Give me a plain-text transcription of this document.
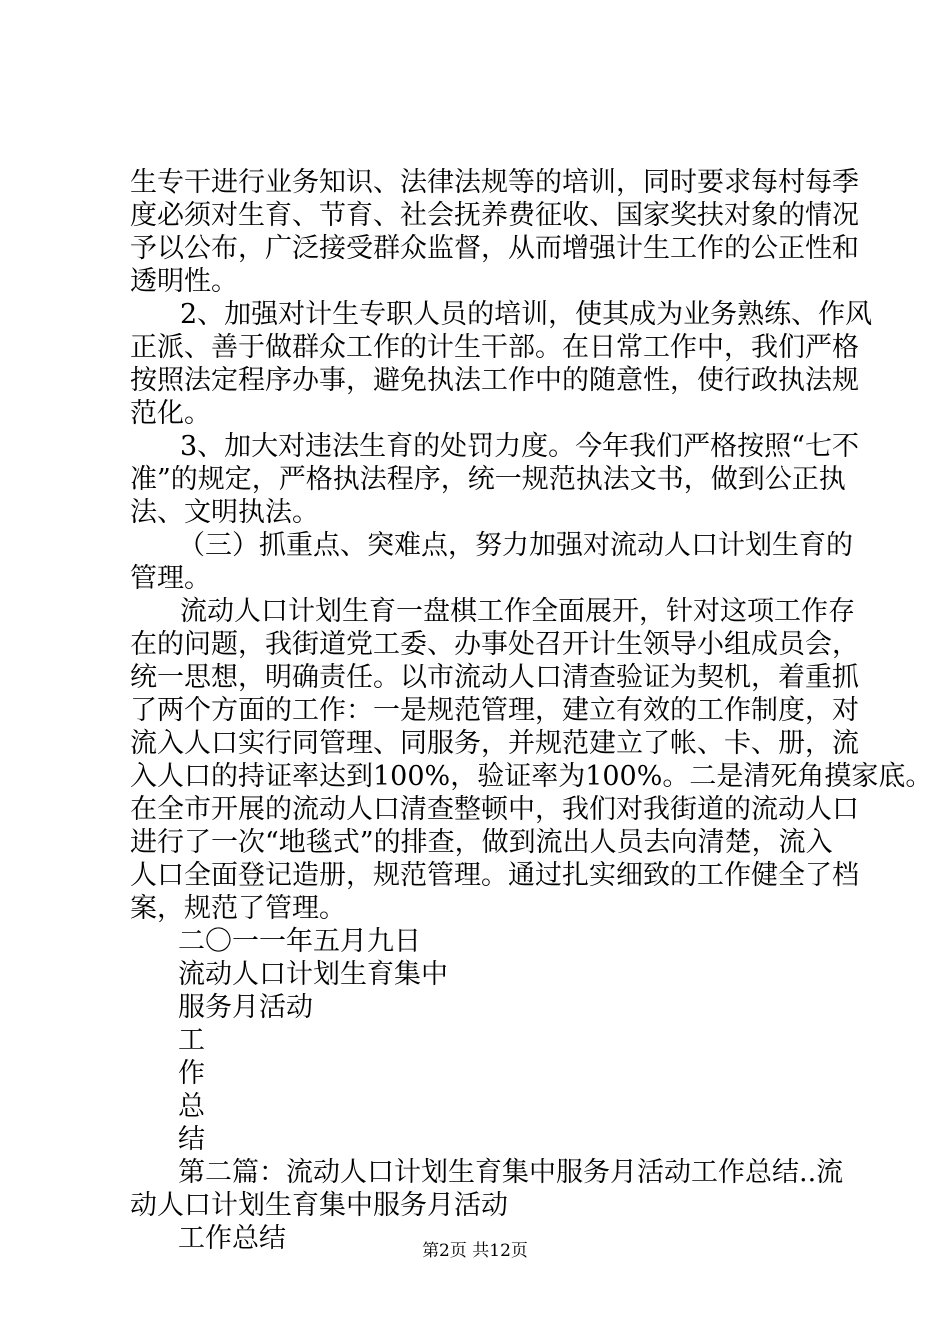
生专干进行业务知识、法律法规等的培训，同时要求每村每季
度必须对生育、节育、社会抚养费征收、国家奖扶对象的情况
予以公布，广泛接受群众监督，从而增强计生工作的公正性和
透明性。
2、加强对计生专职人员的培训，使其成为业务熟练、作风
正派、善于做群众工作的计生干部。在日常工作中，我们严格
按照法定程序办事，避免执法工作中的随意性，使行政执法规
范化。
3、加大对违法生育的处罚力度。今年我们严格按照“七不
准”的规定，严格执法程序，统一规范执法文书，做到公正执
法、文明执法。
（三）抓重点、突难点，努力加强对流动人口计划生育的
管理。
流动人口计划生育一盘棋工作全面展开，针对这项工作存
在的问题，我街道党工委、办事处召开计生领导小组成员会，
统一思想，明确责任。以市流动人口清查验证为契机，着重抓
了两个方面的工作：一是规范管理，建立有效的工作制度，对
流入人口实行同管理、同服务，并规范建立了帐、卡、册，流
入人口的持证率达到100%，验证率为100%。二是清死角摸家底。
在全市开展的流动人口清查整顿中，我们对我街道的流动人口
进行了一次“地毯式”的排查，做到流出人员去向清楚，流入
人口全面登记造册，规范管理。通过扎实细致的工作健全了档
案，规范了管理。
二〇一一年五月九日
流动人口计划生育集中
服务月活动
工
作
总
结
第二篇：流动人口计划生育集中服务月活动工作总结..流
动人口计划生育集中服务月活动
工作总结	第2页 共12页
